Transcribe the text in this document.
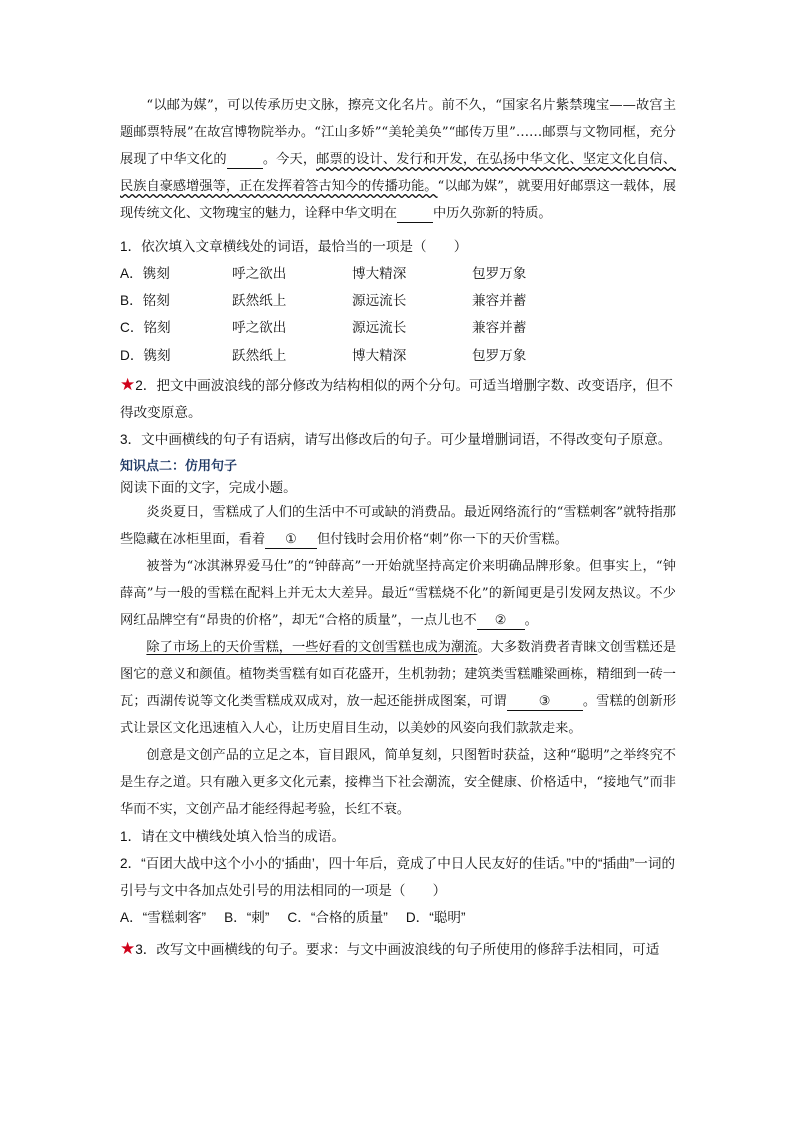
“以邮为媒”，可以传承历史文脉，擦亮文化名片。前不久，“国家名片紫禁瑰宝——故宫主题邮票特展”在故宫博物院举办。“江山多娇”“美轮美奂”“邮传万里”……邮票与文物同框，充分展现了中华文化的	。今天，邮票的设计、发行和开发，在弘扬中华文化、坚定文化自信、民族自豪感增强等，正在发挥着答古知今的传播功能。“以邮为媒”，就要用好邮票这一载体，展现传统文化、文物瑰宝的魅力，诠释中华文明在	中历久弥新的特质。

1．依次填入文章横线处的词语，最恰当的一项是（　　）
A．镌刻	呼之欲出	博大精深	包罗万象
B．铭刻	跃然纸上	源远流长	兼容并蓄
C．铭刻	呼之欲出	源远流长	兼容并蓄
D．镌刻	跃然纸上	博大精深	包罗万象
★2．把文中画波浪线的部分修改为结构相似的两个分句。可适当增删字数、改变语序，但不得改变原意。
3．文中画横线的句子有语病，请写出修改后的句子。可少量增删词语，不得改变句子原意。
知识点二：仿用句子
阅读下面的文字，完成小题。

炎炎夏日，雪糕成了人们的生活中不可或缺的消费品。最近网络流行的“雪糕刺客”就特指那些隐藏在冰柜里面，看着 ① 但付钱时会用价格“刺”你一下的天价雪糕。

被誉为“冰淇淋界爱马仕”的“钟薛高”一开始就坚持高定价来明确品牌形象。但事实上，“钟薛高”与一般的雪糕在配料上并无太大差异。最近“雪糕烧不化”的新闻更是引发网友热议。不少网红品牌空有“昂贵的价格”，却无“合格的质量”，一点儿也不 ② 。

除了市场上的天价雪糕，一些好看的文创雪糕也成为潮流。大多数消费者青睐文创雪糕还是图它的意义和颜值。植物类雪糕有如百花盛开，生机勃勃；建筑类雪糕雕梁画栋，精细到一砖一瓦；西湖传说等文化类雪糕成双成对，放一起还能拼成图案，可谓 ③ 。雪糕的创新形式让景区文化迅速植入人心，让历史眉目生动，以美妙的风姿向我们款款走来。

创意是文创产品的立足之本，盲目跟风，简单复刻，只图暂时获益，这种“聪明”之举终究不是生存之道。只有融入更多文化元素，接榫当下社会潮流，安全健康、价格适中，“接地气”而非华而不实，文创产品才能经得起考验，长红不衰。

1．请在文中横线处填入恰当的成语。
2．“百团大战中这个小小的‘插曲’，四十年后，竟成了中日人民友好的佳话。”中的“插曲”一词的引号与文中各加点处引号的用法相同的一项是（　　）
A．“雪糕刺客” B．“刺” C．“合格的质量” D．“聪明”
★3．改写文中画横线的句子。要求：与文中画波浪线的句子所使用的修辞手法相同，可适
